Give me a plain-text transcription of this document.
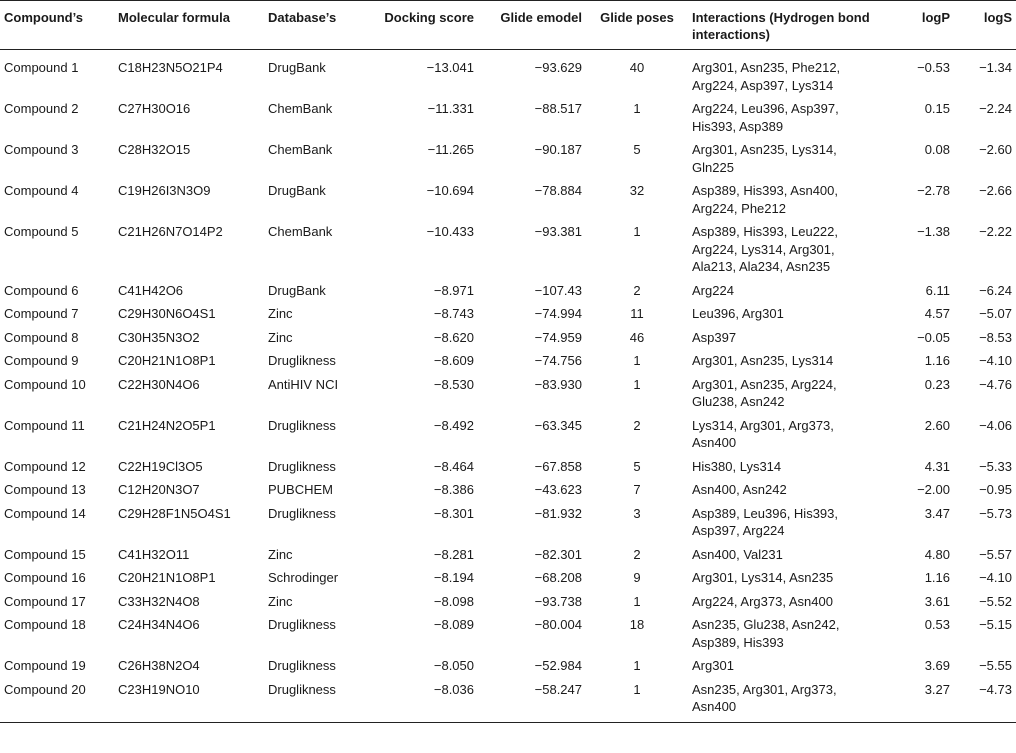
Compound’s	Molecular formula	Database’s	Docking score	Glide emodel	Glide poses	Interactions (Hydrogen bond interactions)	logP	logS
Compound 1	C18H23N5O21P4	DrugBank	−13.041	−93.629	40	Arg301, Asn235, Phe212, Arg224, Asp397, Lys314	−0.53	−1.34
Compound 2	C27H30O16	ChemBank	−11.331	−88.517	1	Arg224, Leu396, Asp397, His393, Asp389	0.15	−2.24
Compound 3	C28H32O15	ChemBank	−11.265	−90.187	5	Arg301, Asn235, Lys314, Gln225	0.08	−2.60
Compound 4	C19H26I3N3O9	DrugBank	−10.694	−78.884	32	Asp389, His393, Asn400, Arg224, Phe212	−2.78	−2.66
Compound 5	C21H26N7O14P2	ChemBank	−10.433	−93.381	1	Asp389, His393, Leu222, Arg224, Lys314, Arg301, Ala213, Ala234, Asn235	−1.38	−2.22
Compound 6	C41H42O6	DrugBank	−8.971	−107.43	2	Arg224	6.11	−6.24
Compound 7	C29H30N6O4S1	Zinc	−8.743	−74.994	11	Leu396, Arg301	4.57	−5.07
Compound 8	C30H35N3O2	Zinc	−8.620	−74.959	46	Asp397	−0.05	−8.53
Compound 9	C20H21N1O8P1	Druglikness	−8.609	−74.756	1	Arg301, Asn235, Lys314	1.16	−4.10
Compound 10	C22H30N4O6	AntiHIV NCI	−8.530	−83.930	1	Arg301, Asn235, Arg224, Glu238, Asn242	0.23	−4.76
Compound 11	C21H24N2O5P1	Druglikness	−8.492	−63.345	2	Lys314, Arg301, Arg373, Asn400	2.60	−4.06
Compound 12	C22H19Cl3O5	Druglikness	−8.464	−67.858	5	His380, Lys314	4.31	−5.33
Compound 13	C12H20N3O7	PUBCHEM	−8.386	−43.623	7	Asn400, Asn242	−2.00	−0.95
Compound 14	C29H28F1N5O4S1	Druglikness	−8.301	−81.932	3	Asp389, Leu396, His393, Asp397, Arg224	3.47	−5.73
Compound 15	C41H32O11	Zinc	−8.281	−82.301	2	Asn400, Val231	4.80	−5.57
Compound 16	C20H21N1O8P1	Schrodinger	−8.194	−68.208	9	Arg301, Lys314, Asn235	1.16	−4.10
Compound 17	C33H32N4O8	Zinc	−8.098	−93.738	1	Arg224, Arg373, Asn400	3.61	−5.52
Compound 18	C24H34N4O6	Druglikness	−8.089	−80.004	18	Asn235, Glu238, Asn242, Asp389, His393	0.53	−5.15
Compound 19	C26H38N2O4	Druglikness	−8.050	−52.984	1	Arg301	3.69	−5.55
Compound 20	C23H19NO10	Druglikness	−8.036	−58.247	1	Asn235, Arg301, Arg373, Asn400	3.27	−4.73
